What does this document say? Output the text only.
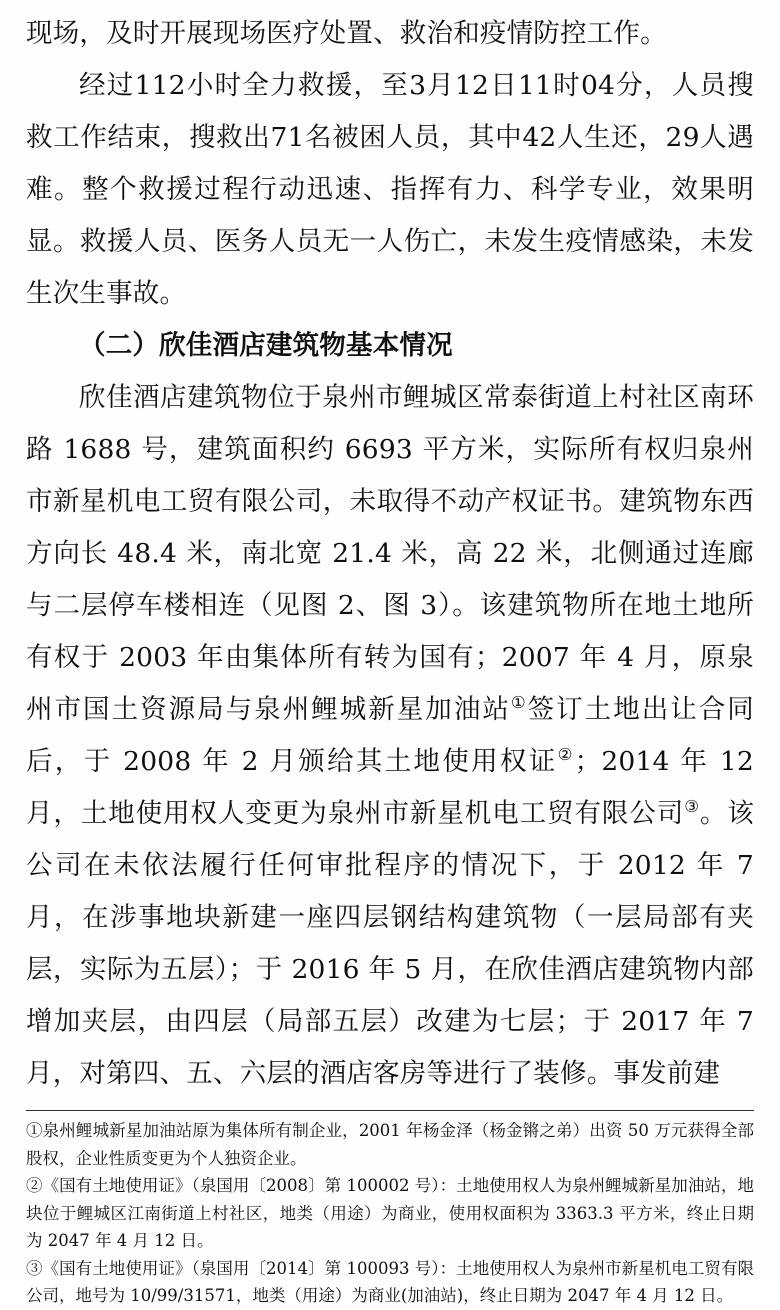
现场，及时开展现场医疗处置、救治和疫情防控工作。

经过112小时全力救援，至3月12日11时04分，人员搜救工作结束，搜救出71名被困人员，其中42人生还，29人遇难。整个救援过程行动迅速、指挥有力、科学专业，效果明显。救援人员、医务人员无一人伤亡，未发生疫情感染，未发生次生事故。

（二）欣佳酒店建筑物基本情况

欣佳酒店建筑物位于泉州市鲤城区常泰街道上村社区南环路 1688 号，建筑面积约 6693 平方米，实际所有权归泉州市新星机电工贸有限公司，未取得不动产权证书。建筑物东西方向长 48.4 米，南北宽 21.4 米，高 22 米，北侧通过连廊与二层停车楼相连（见图 2、图 3）。该建筑物所在地土地所有权于 2003 年由集体所有转为国有；2007 年 4 月，原泉州市国土资源局与泉州鲤城新星加油站①签订土地出让合同后，于 2008 年 2 月颁给其土地使用权证②；2014 年 12 月，土地使用权人变更为泉州市新星机电工贸有限公司③。该公司在未依法履行任何审批程序的情况下，于 2012 年 7 月，在涉事地块新建一座四层钢结构建筑物（一层局部有夹层，实际为五层）；于 2016 年 5 月，在欣佳酒店建筑物内部增加夹层，由四层（局部五层）改建为七层；于 2017 年 7 月，对第四、五、六层的酒店客房等进行了装修。事发前建

①泉州鲤城新星加油站原为集体所有制企业，2001 年杨金泽（杨金锵之弟）出资 50 万元获得全部股权，企业性质变更为个人独资企业。

②《国有土地使用证》（泉国用〔2008〕第 100002 号）：土地使用权人为泉州鲤城新星加油站，地块位于鲤城区江南街道上村社区，地类（用途）为商业，使用权面积为 3363.3 平方米，终止日期为 2047 年 4 月 12 日。

③《国有土地使用证》（泉国用〔2014〕第 100093 号）：土地使用权人为泉州市新星机电工贸有限公司，地号为 10/99/31571，地类（用途）为商业(加油站)，终止日期为 2047 年 4 月 12 日。
